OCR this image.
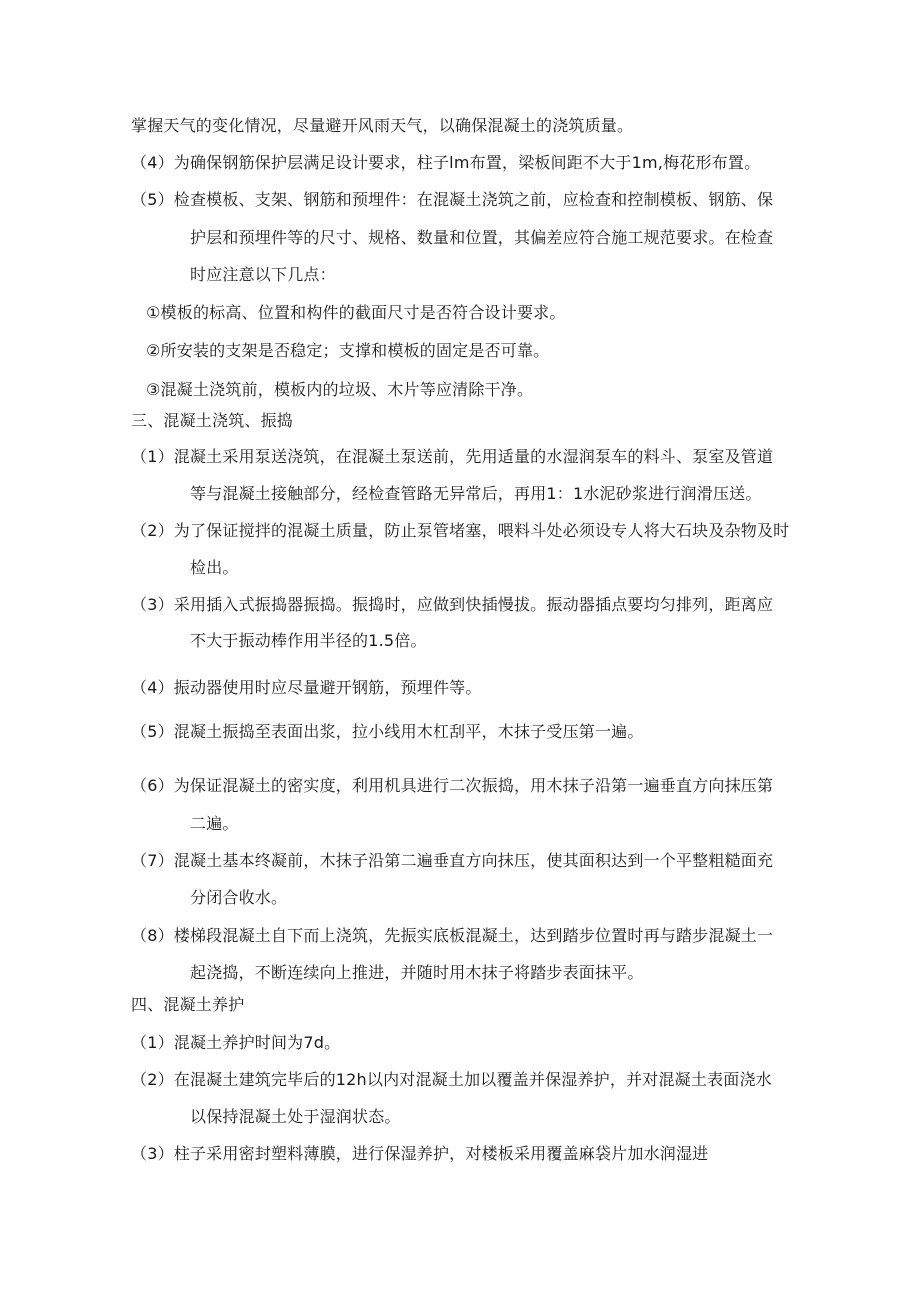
掌握天气的变化情况，尽量避开风雨天气，以确保混凝土的浇筑质量。
（4）为确保钢筋保护层满足设计要求，柱子lm布置，梁板间距不大于1m,梅花形布置。
（5）检查模板、支架、钢筋和预埋件：在混凝土浇筑之前，应检查和控制模板、钢筋、保
护层和预埋件等的尺寸、规格、数量和位置，其偏差应符合施工规范要求。在检查
时应注意以下几点：
①模板的标高、位置和构件的截面尺寸是否符合设计要求。
②所安装的支架是否稳定；支撑和模板的固定是否可靠。
③混凝土浇筑前，模板内的垃圾、木片等应清除干净。
三、混凝土浇筑、振捣
（1）混凝土采用泵送浇筑，在混凝土泵送前，先用适量的水湿润泵车的料斗、泵室及管道
等与混凝土接触部分，经检查管路无异常后，再用1：1水泥砂浆进行润滑压送。
（2）为了保证搅拌的混凝土质量，防止泵管堵塞，喂料斗处必须设专人将大石块及杂物及时
检出。
（3）采用插入式振捣器振捣。振捣时，应做到快插慢拔。振动器插点要均匀排列，距离应
不大于振动棒作用半径的1.5倍。
（4）振动器使用时应尽量避开钢筋，预埋件等。
（5）混凝土振捣至表面出浆，拉小线用木杠刮平，木抹子受压第一遍。
（6）为保证混凝土的密实度，利用机具进行二次振捣，用木抹子沿第一遍垂直方向抹压第
二遍。
（7）混凝土基本终凝前，木抹子沿第二遍垂直方向抹压，使其面积达到一个平整粗糙面充
分闭合收水。
（8）楼梯段混凝土自下而上浇筑，先振实底板混凝土，达到踏步位置时再与踏步混凝土一
起浇捣，不断连续向上推进，并随时用木抹子将踏步表面抹平。
四、混凝土养护
（1）混凝土养护时间为7d。
（2）在混凝土建筑完毕后的12h以内对混凝土加以覆盖并保湿养护，并对混凝土表面浇水
以保持混凝土处于湿润状态。
（3）柱子采用密封塑料薄膜，进行保湿养护，对楼板采用覆盖麻袋片加水润湿进
